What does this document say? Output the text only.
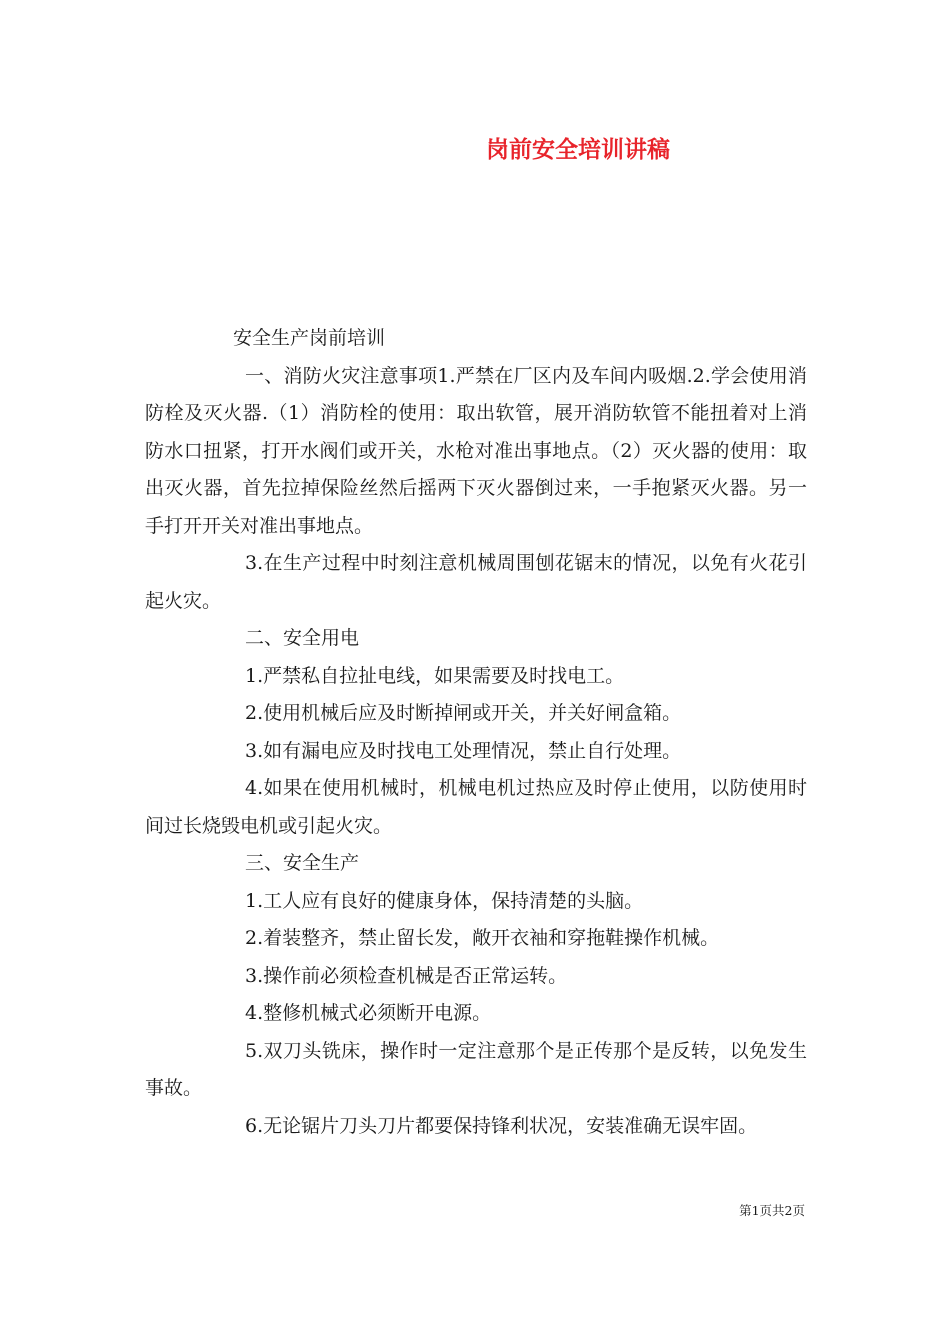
岗前安全培训讲稿

安全生产岗前培训

一、消防火灾注意事项1.严禁在厂区内及车间内吸烟.2.学会使用消防栓及灭火器.（1）消防栓的使用：取出软管，展开消防软管不能扭着对上消防水口扭紧，打开水阀们或开关，水枪对准出事地点。（2）灭火器的使用：取出灭火器，首先拉掉保险丝然后摇两下灭火器倒过来，一手抱紧灭火器。另一手打开开关对准出事地点。

3.在生产过程中时刻注意机械周围刨花锯末的情况，以免有火花引起火灾。

二、安全用电

1.严禁私自拉扯电线，如果需要及时找电工。

2.使用机械后应及时断掉闸或开关，并关好闸盒箱。

3.如有漏电应及时找电工处理情况，禁止自行处理。

4.如果在使用机械时，机械电机过热应及时停止使用，以防使用时间过长烧毁电机或引起火灾。

三、安全生产

1.工人应有良好的健康身体，保持清楚的头脑。

2.着装整齐，禁止留长发，敞开衣袖和穿拖鞋操作机械。

3.操作前必须检查机械是否正常运转。

4.整修机械式必须断开电源。

5.双刀头铣床，操作时一定注意那个是正传那个是反转，以免发生事故。

6.无论锯片刀头刀片都要保持锋利状况，安装准确无误牢固。

第1页共2页
